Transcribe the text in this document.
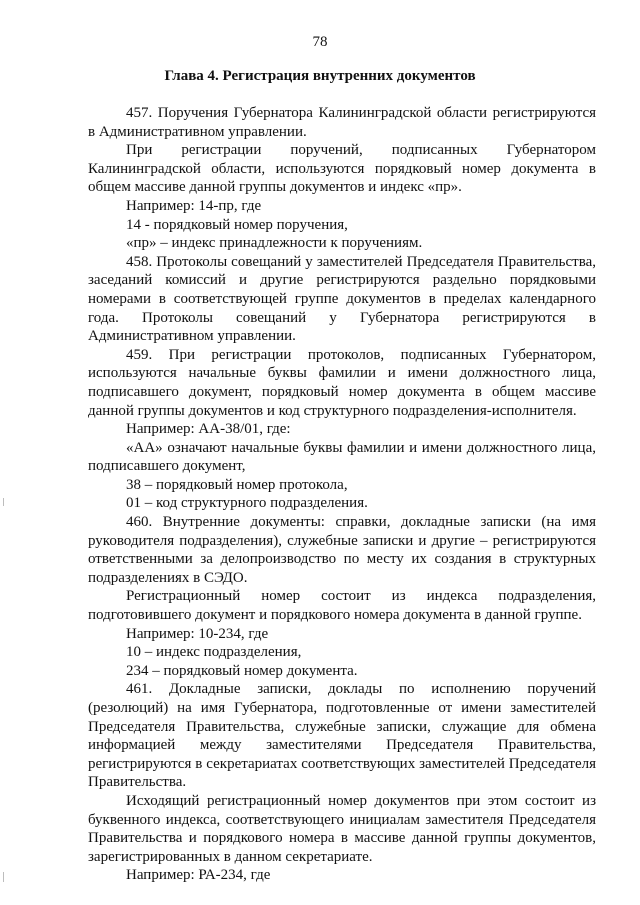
78
Глава 4. Регистрация внутренних документов

457. Поручения Губернатора Калининградской области регистрируются в Административном управлении.

При регистрации поручений, подписанных Губернатором Калининградской области, используются порядковый номер документа в общем массиве данной группы документов и индекс «пр».

Например: 14-пр, где

14 - порядковый номер поручения,

«пр» – индекс принадлежности к поручениям.

458. Протоколы совещаний у заместителей Председателя Правительства, заседаний комиссий и другие регистрируются раздельно порядковыми номерами в соответствующей группе документов в пределах календарного года. Протоколы совещаний у Губернатора регистрируются в Административном управлении.

459. При регистрации протоколов, подписанных Губернатором, используются начальные буквы фамилии и имени должностного лица, подписавшего документ, порядковый номер документа в общем массиве данной группы документов и код структурного подразделения-исполнителя.

Например: АА-38/01, где:

«АА» означают начальные буквы фамилии и имени должностного лица, подписавшего документ,

38 – порядковый номер протокола,

01 – код структурного подразделения.

460. Внутренние документы: справки, докладные записки (на имя руководителя подразделения), служебные записки и другие – регистрируются ответственными за делопроизводство по месту их создания в структурных подразделениях в СЭДО.

Регистрационный номер состоит из индекса подразделения, подготовившего документ и порядкового номера документа в данной группе.

Например: 10-234, где

10 – индекс подразделения,

234 – порядковый номер документа.

461. Докладные записки, доклады по исполнению поручений (резолюций) на имя Губернатора, подготовленные от имени заместителей Председателя Правительства, служебные записки, служащие для обмена информацией между заместителями Председателя Правительства, регистрируются в секретариатах соответствующих заместителей Председателя Правительства.

Исходящий регистрационный номер документов при этом состоит из буквенного индекса, соответствующего инициалам заместителя Председателя Правительства и порядкового номера в массиве данной группы документов, зарегистрированных в данном секретариате.

Например: РА-234, где
